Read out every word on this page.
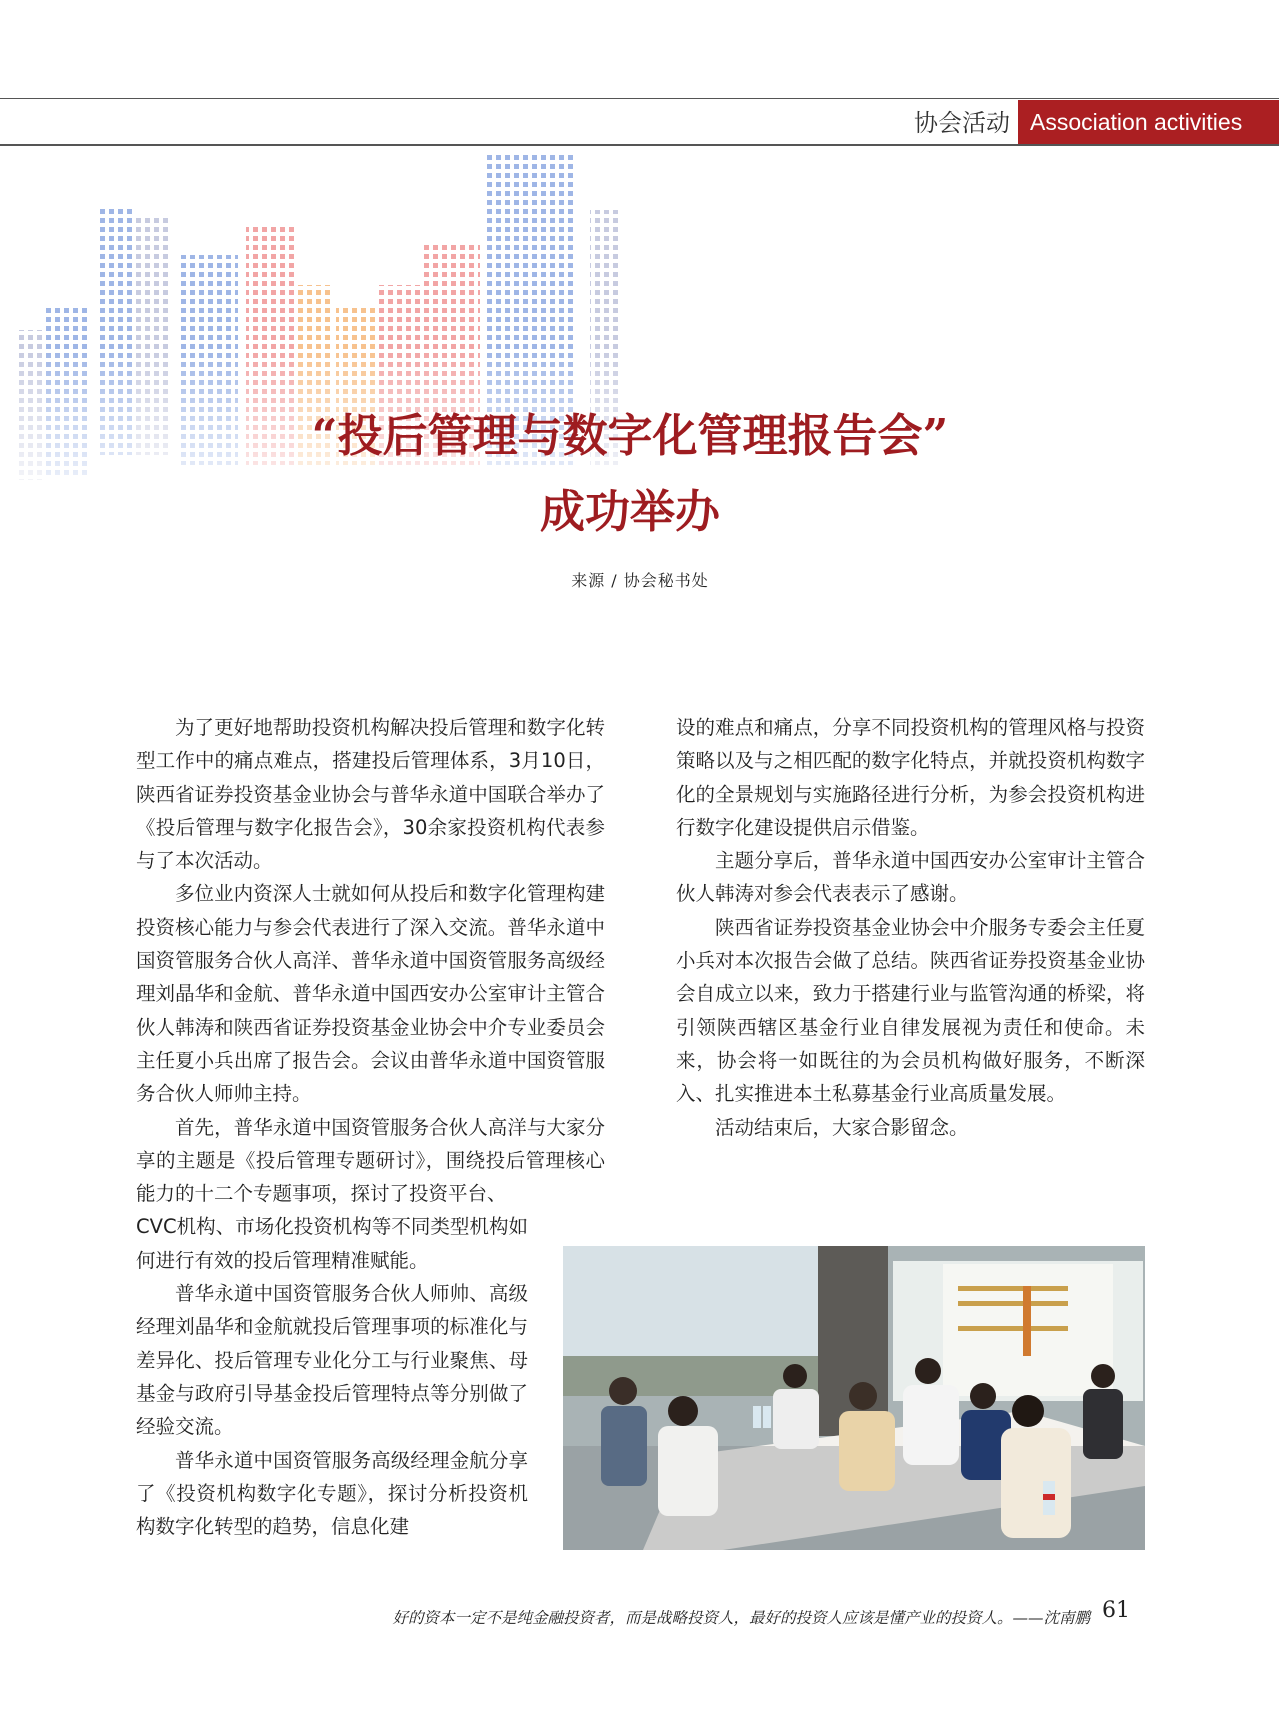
协会活动 Association activities
“投后管理与数字化管理报告会”
成功举办
来源 / 协会秘书处

为了更好地帮助投资机构解决投后管理和数字化转型工作中的痛点难点，搭建投后管理体系，3月10日，陕西省证券投资基金业协会与普华永道中国联合举办了《投后管理与数字化报告会》，30余家投资机构代表参与了本次活动。

多位业内资深人士就如何从投后和数字化管理构建投资核心能力与参会代表进行了深入交流。普华永道中国资管服务合伙人高洋、普华永道中国资管服务高级经理刘晶华和金航、普华永道中国西安办公室审计主管合伙人韩涛和陕西省证券投资基金业协会中介专业委员会主任夏小兵出席了报告会。会议由普华永道中国资管服务合伙人师帅主持。

首先，普华永道中国资管服务合伙人高洋与大家分享的主题是《投后管理专题研讨》，围绕投后管理核心能力的十二个专题事项，探讨了投资平台、

CVC机构、市场化投资机构等不同类型机构如何进行有效的投后管理精准赋能。

普华永道中国资管服务合伙人师帅、高级经理刘晶华和金航就投后管理事项的标准化与差异化、投后管理专业化分工与行业聚焦、母基金与政府引导基金投后管理特点等分别做了经验交流。

普华永道中国资管服务高级经理金航分享了《投资机构数字化专题》，探讨分析投资机构数字化转型的趋势，信息化建

设的难点和痛点，分享不同投资机构的管理风格与投资策略以及与之相匹配的数字化特点，并就投资机构数字化的全景规划与实施路径进行分析，为参会投资机构进行数字化建设提供启示借鉴。

主题分享后，普华永道中国西安办公室审计主管合伙人韩涛对参会代表表示了感谢。

陕西省证券投资基金业协会中介服务专委会主任夏小兵对本次报告会做了总结。陕西省证券投资基金业协会自成立以来，致力于搭建行业与监管沟通的桥梁，将引领陕西辖区基金行业自律发展视为责任和使命。未来，协会将一如既往的为会员机构做好服务，不断深入、扎实推进本土私募基金行业高质量发展。

活动结束后，大家合影留念。

好的资本一定不是纯金融投资者，而是战略投资人，最好的投资人应该是懂产业的投资人。——沈南鹏 61
